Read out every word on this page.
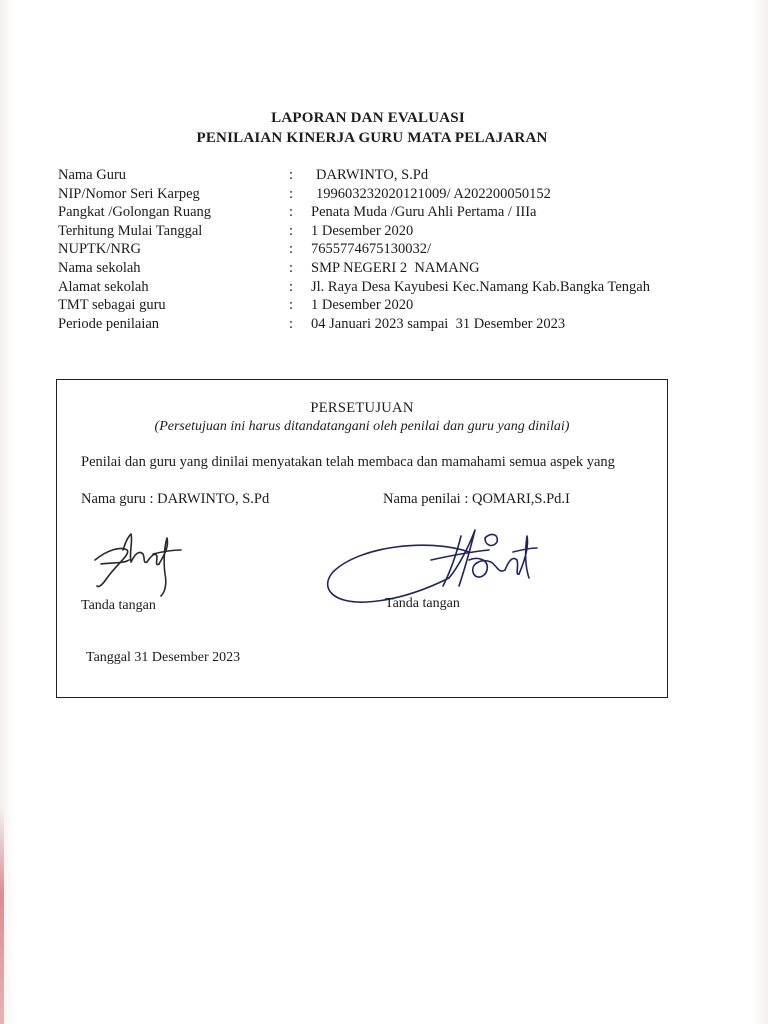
LAPORAN DAN EVALUASI
PENILAIAN KINERJA GURU MATA PELAJARAN
Nama Guru	: DARWINTO, S.Pd
NIP/Nomor Seri Karpeg	: 199603232020121009/ A202200050152
Pangkat /Golongan Ruang	: Penata Muda /Guru Ahli Pertama / IIIa
Terhitung Mulai Tanggal	: 1 Desember 2020
NUPTK/NRG	: 7655774675130032/
Nama sekolah	: SMP NEGERI 2  NAMANG
Alamat sekolah	: Jl. Raya Desa Kayubesi Kec.Namang Kab.Bangka Tengah
TMT sebagai guru	: 1 Desember 2020
Periode penilaian	: 04 Januari 2023 sampai  31 Desember 2023
PERSETUJUAN
(Persetujuan ini harus ditandatangani oleh penilai dan guru yang dinilai)
Penilai dan guru yang dinilai menyatakan telah membaca dan mamahami semua aspek yang
Nama guru : DARWINTO, S.Pd	Nama penilai : QOMARI,S.Pd.I
Tanda tangan	Tanda tangan
Tanggal 31 Desember 2023
